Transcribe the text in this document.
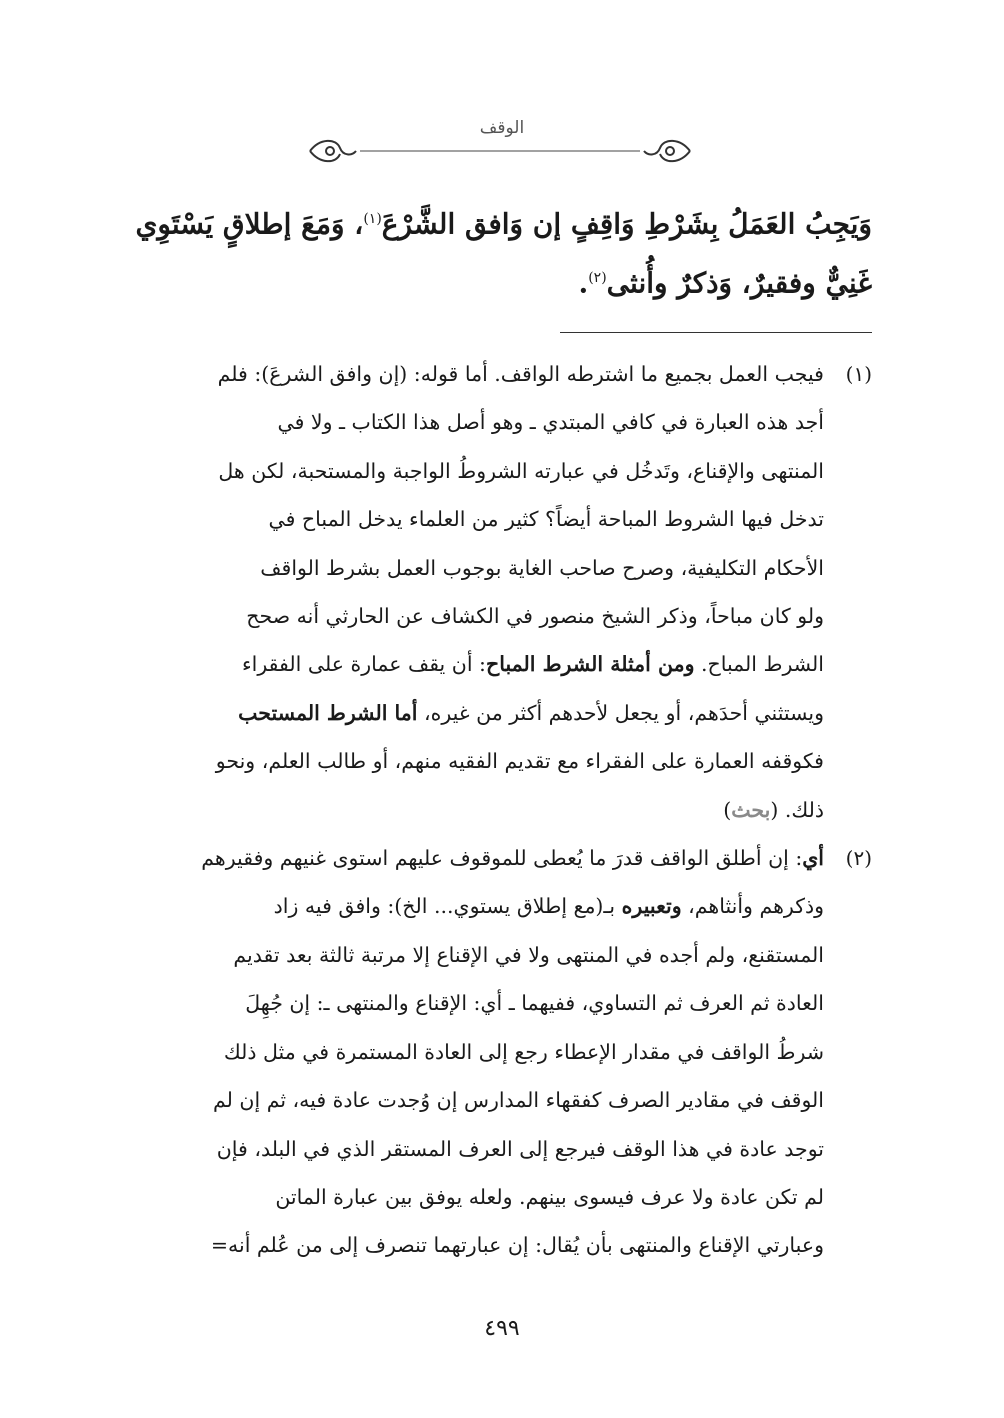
الوقف

وَيَجِبُ العَمَلُ بِشَرْطِ وَاقِفٍ إن وَافق الشَّرْعَ$^{(١)}$، وَمَعَ إطلاقٍ يَسْتَوِي

غَنِيٌّ وفقيرٌ، وَذكرٌ وأُنثى$^{(٢)}$.

(١)

فيجب العمل بجميع ما اشترطه الواقف. أما قوله: (إن وافق الشرعَ): فلم

أجد هذه العبارة في كافي المبتدي ـ وهو أصل هذا الكتاب ـ ولا في

المنتهى والإقناع، وتَدخُل في عبارته الشروطُ الواجبة والمستحبة، لكن هل

تدخل فيها الشروط المباحة أيضاً؟ كثير من العلماء يدخل المباح في

الأحكام التكليفية، وصرح صاحب الغاية بوجوب العمل بشرط الواقف

ولو كان مباحاً، وذكر الشيخ منصور في الكشاف عن الحارثي أنه صحح

الشرط المباح. ومن أمثلة الشرط المباح: أن يقف عمارة على الفقراء

ويستثني أحدَهم، أو يجعل لأحدهم أكثر من غيره، أما الشرط المستحب

فكوقفه العمارة على الفقراء مع تقديم الفقيه منهم، أو طالب العلم، ونحو

ذلك. (بحث)

(٢)

أي: إن أطلق الواقف قدرَ ما يُعطى للموقوف عليهم استوى غنيهم وفقيرهم

وذكرهم وأنثاهم، وتعبيره بـ(مع إطلاق يستوي... الخ): وافق فيه زاد

المستقنع، ولم أجده في المنتهى ولا في الإقناع إلا مرتبة ثالثة بعد تقديم

العادة ثم العرف ثم التساوي، ففيهما ـ أي: الإقناع والمنتهى ـ: إن جُهِلَ

شرطُ الواقف في مقدار الإعطاء رجع إلى العادة المستمرة في مثل ذلك

الوقف في مقادير الصرف كفقهاء المدارس إن وُجدت عادة فيه، ثم إن لم

توجد عادة في هذا الوقف فيرجع إلى العرف المستقر الذي في البلد، فإن

لم تكن عادة ولا عرف فيسوى بينهم. ولعله يوفق بين عبارة الماتن

وعبارتي الإقناع والمنتهى بأن يُقال: إن عبارتهما تنصرف إلى من عُلم أنه=

٤٩٩
